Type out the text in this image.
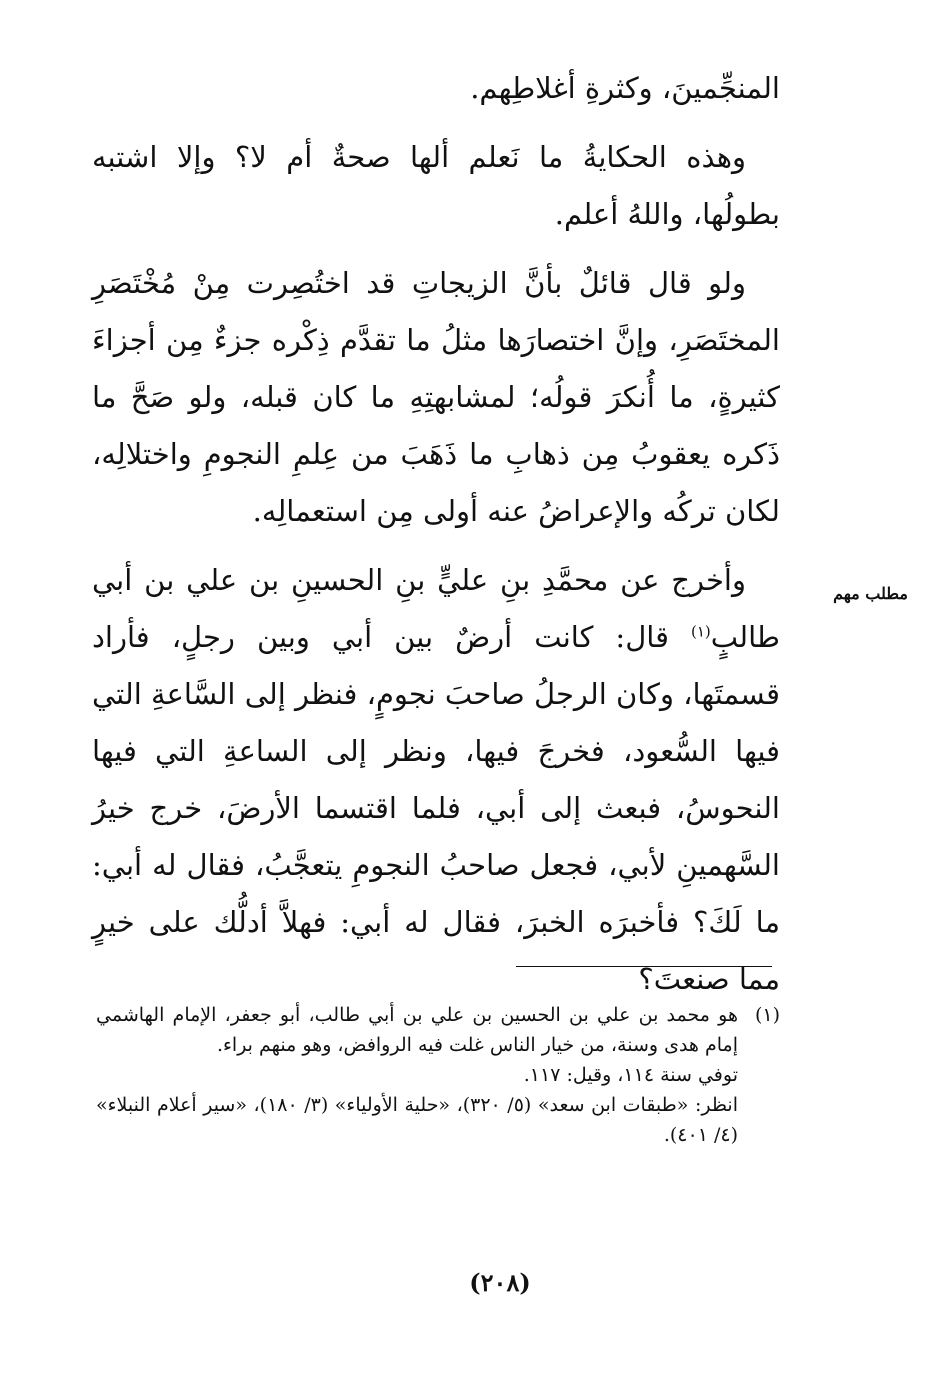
المنجِّمينَ، وكثرةِ أغلاطِهم.

وهذه الحكايةُ ما نَعلم ألها صحةٌ أم لا؟ وإلا اشتبه بطولُها، واللهُ أعلم.

ولو قال قائلٌ بأنَّ الزيجاتِ قد اختُصِرت مِنْ مُخْتَصَرِ المختَصَرِ، وإنَّ اختصارَها مثلُ ما تقدَّم ذِكْره جزءٌ مِن أجزاءَ كثيرةٍ، ما أُنكرَ قولُه؛ لمشابهتِهِ ما كان قبله، ولو صَحَّ ما ذَكره يعقوبُ مِن ذهابِ ما ذَهَبَ من عِلمِ النجومِ واختلالِه، لكان تركُه والإعراضُ عنه أولى مِن استعمالِه.

وأخرج عن محمَّدِ بنِ عليٍّ بنِ الحسينِ بن علي بن أبي طالبٍ$^{(١)}$ قال: كانت أرضٌ بين أبي وبين رجلٍ، فأراد قسمتَها، وكان الرجلُ صاحبَ نجومٍ، فنظر إلى السَّاعةِ التي فيها السُّعود، فخرجَ فيها، ونظر إلى الساعةِ التي فيها النحوسُ، فبعث إلى أبي، فلما اقتسما الأرضَ، خرج خيرُ السَّهمينِ لأبي، فجعل صاحبُ النجومِ يتعجَّبُ، فقال له أبي: ما لَكَ؟ فأخبرَه الخبرَ، فقال له أبي: فهلاَّ أدلُّك على خيرٍ مما صنعتَ؟

مطلب مهم
(١)
هو محمد بن علي بن الحسين بن علي بن أبي طالب، أبو جعفر، الإمام الهاشمي إمام هدى وسنة، من خيار الناس غلت فيه الروافض، وهو منهم براء.
توفي سنة ١١٤، وقيل: ١١٧.
انظر: «طبقات ابن سعد» (٥/ ٣٢٠)، «حلية الأولياء» (٣/ ١٨٠)، «سير أعلام النبلاء» (٤/ ٤٠١).
(٢٠٨)
